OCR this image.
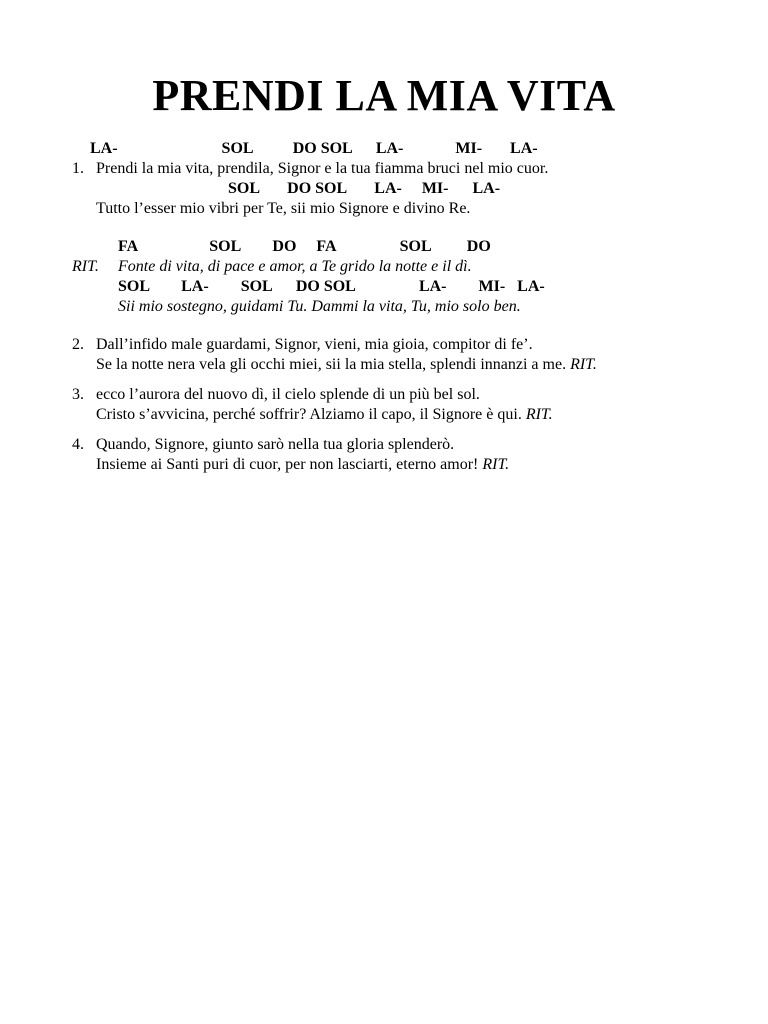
PRENDI LA MIA VITA
LA-                          SOL          DO SOL      LA-             MI-       LA-
1. Prendi la mia vita, prendila, Signor e la tua fiamma bruci nel mio cuor.
SOL       DO SOL       LA-     MI-      LA-
Tutto l’esser mio vibri per Te, sii mio Signore e divino Re.
FA                  SOL        DO     FA                SOL         DO
RIT. Fonte di vita, di pace e amor, a Te grido la notte e il dì.
SOL        LA-        SOL      DO SOL                LA-        MI-   LA-
Sii mio sostegno, guidami Tu. Dammi la vita, Tu, mio solo ben.
2. Dall’infido male guardami, Signor, vieni, mia gioia, compitor di fe’.
Se la notte nera vela gli occhi miei, sii la mia stella, splendi innanzi a me. RIT.
3. ecco l’aurora del nuovo dì, il cielo splende di un più bel sol.
Cristo s’avvicina, perché soffrir? Alziamo il capo, il Signore è qui. RIT.
4. Quando, Signore, giunto sarò nella tua gloria splenderò.
Insieme ai Santi puri di cuor, per non lasciarti, eterno amor! RIT.
